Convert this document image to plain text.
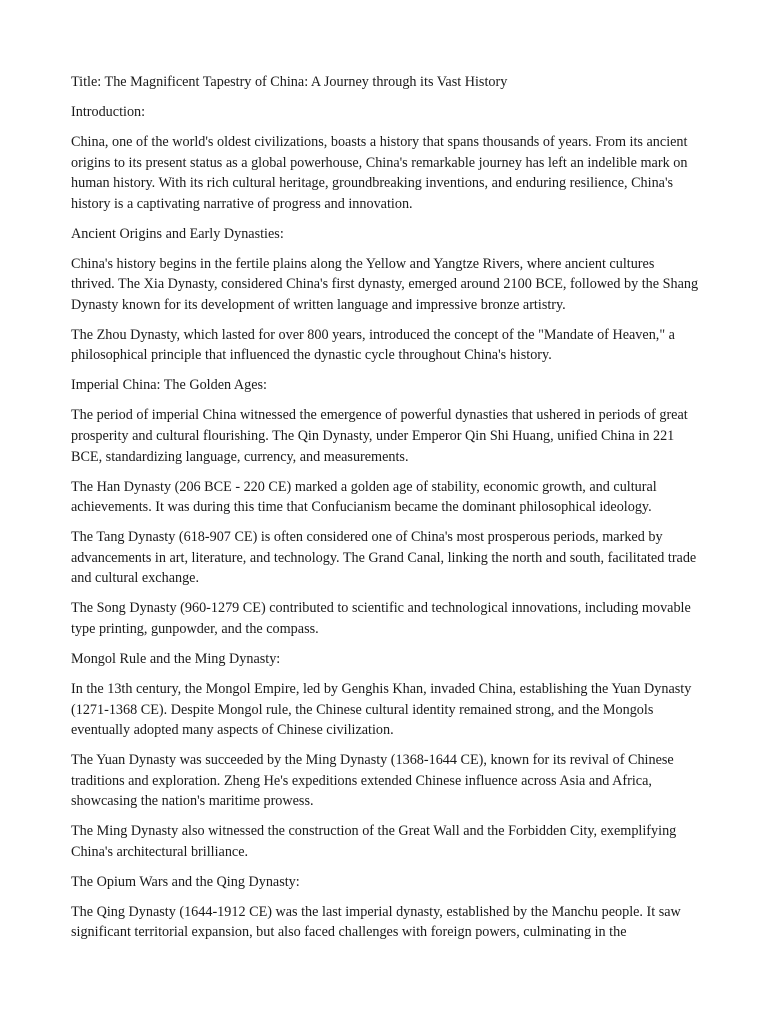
Title: The Magnificent Tapestry of China: A Journey through its Vast History

Introduction:

China, one of the world's oldest civilizations, boasts a history that spans thousands of years. From its ancient origins to its present status as a global powerhouse, China's remarkable journey has left an indelible mark on human history. With its rich cultural heritage, groundbreaking inventions, and enduring resilience, China's history is a captivating narrative of progress and innovation.

Ancient Origins and Early Dynasties:

China's history begins in the fertile plains along the Yellow and Yangtze Rivers, where ancient cultures thrived. The Xia Dynasty, considered China's first dynasty, emerged around 2100 BCE, followed by the Shang Dynasty known for its development of written language and impressive bronze artistry.

The Zhou Dynasty, which lasted for over 800 years, introduced the concept of the "Mandate of Heaven," a philosophical principle that influenced the dynastic cycle throughout China's history.

Imperial China: The Golden Ages:

The period of imperial China witnessed the emergence of powerful dynasties that ushered in periods of great prosperity and cultural flourishing. The Qin Dynasty, under Emperor Qin Shi Huang, unified China in 221 BCE, standardizing language, currency, and measurements.

The Han Dynasty (206 BCE - 220 CE) marked a golden age of stability, economic growth, and cultural achievements. It was during this time that Confucianism became the dominant philosophical ideology.

The Tang Dynasty (618-907 CE) is often considered one of China's most prosperous periods, marked by advancements in art, literature, and technology. The Grand Canal, linking the north and south, facilitated trade and cultural exchange.

The Song Dynasty (960-1279 CE) contributed to scientific and technological innovations, including movable type printing, gunpowder, and the compass.

Mongol Rule and the Ming Dynasty:

In the 13th century, the Mongol Empire, led by Genghis Khan, invaded China, establishing the Yuan Dynasty (1271-1368 CE). Despite Mongol rule, the Chinese cultural identity remained strong, and the Mongols eventually adopted many aspects of Chinese civilization.

The Yuan Dynasty was succeeded by the Ming Dynasty (1368-1644 CE), known for its revival of Chinese traditions and exploration. Zheng He's expeditions extended Chinese influence across Asia and Africa, showcasing the nation's maritime prowess.

The Ming Dynasty also witnessed the construction of the Great Wall and the Forbidden City, exemplifying China's architectural brilliance.

The Opium Wars and the Qing Dynasty:

The Qing Dynasty (1644-1912 CE) was the last imperial dynasty, established by the Manchu people. It saw significant territorial expansion, but also faced challenges with foreign powers, culminating in the
